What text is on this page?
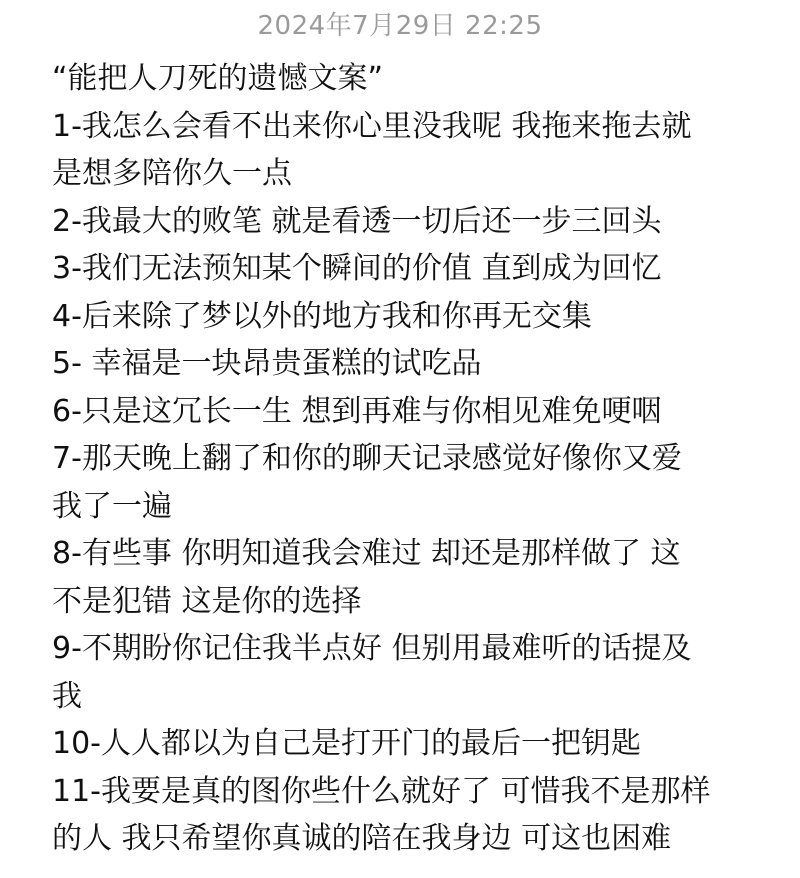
2024年7月29日 22:25
“能把人刀死的遗憾文案”
1-我怎么会看不出来你心里没我呢 我拖来拖去就
是想多陪你久一点
2-我最大的败笔 就是看透一切后还一步三回头
3-我们无法预知某个瞬间的价值 直到成为回忆
4-后来除了梦以外的地方我和你再无交集
5- 幸福是一块昂贵蛋糕的试吃品
6-只是这冗长一生 想到再难与你相见难免哽咽
7-那天晚上翻了和你的聊天记录感觉好像你又爱
我了一遍
8-有些事 你明知道我会难过 却还是那样做了 这
不是犯错 这是你的选择
9-不期盼你记住我半点好 但别用最难听的话提及
我
10-人人都以为自己是打开门的最后一把钥匙
11-我要是真的图你些什么就好了 可惜我不是那样
的人 我只希望你真诚的陪在我身边 可这也困难
